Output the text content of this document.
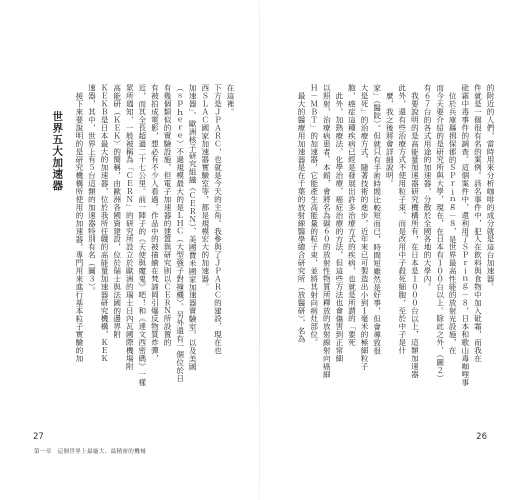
在這裡。
下方是ＪＰＡＲＣ，也就是今天的主角。我參與了ＪＰＡＲＣ的建設，現在也
西ＳＬＡＣ國家加速器實驗室等，都是規模宏大的加速器。
加速器」、歐洲核子研究組織（ＣＥＲＮ）、美國費米國家加速器實驗室，以及美國
（ｓｐｈｅｒｅ）不過規模最大的是ＬＨＣ（大型強子對撞機）。另外還有一個位於日
有幾個類似的實驗設施，但電子加速器的建置與研究則以ＣＥＲＮ所設置的
有被拍成電影，想必有不少人看過。作品中的被描繪在梵諦岡引爆反物質炸彈，
近，而其全長超過二十七公里。前一陣子的《天使與魔鬼》吧！和《達文西密碼》一樣
眾所週知，一般被稱為「ＣＥＲＮ」的研究所設立於歐洲的瑞士日內瓦國際機場附
高能研（ＫＥＫ）的簡稱，由歐洲各國資建設，位於瑞士與法國的邊界附
ＫＥＫＢ是日本最大的加速器，位於我所任職的高能量加速器研究機構，ＫＥＫ
速器，其中，世界上有５台這類的加速器特別有名（圖３）。
接下來要說明的是研究機構所使用的加速器，專門用來進行基本粒子實驗的加
世界五大加速器
27
第一章　這個世界上最龐大、最精密的機械
的附近的人們，當時用來分析咖啡的成分就是這台加速器。
件就是一個很有名的案例。該名事件中，犯人在飲料與食物中加入砒霜，而我在
砒霜中毒事件的調查。這個案件中，還利用了ＳＰｒｉｎｇ－８，日本和歌山毒咖哩事
位於兵庫縣揖保郡的ＳＰｒｉｎｇ－８，是世界最高性能的放射光設施，在
而今天要介紹的是研究所與大學，現在，在日本有１００台以上。除此之外，（圖２）
有６７台的各式用途的加速器，分散於全國各地的大學內。
我要說明的是高能量加速器研究機構所有，在日本是１０００台以上，這類加速器
此外，還有些治療方式不使用粒子束，而是改用中子殺死細胞，至於中子是什
麼，我之後將會詳細說明。
家」（醫院）。但就只有手術時間比較短而已，時間短雖然是好事，但會導致很
大是死」的治療方式，隨著技術的進步，近年來已可製造出小到１毫米的極細粒子
胞，癌症這種疾病已經是發展出許多治療方式的疾病，也就是所謂的「要死
此外，加熱療法、化學治療、癌症治療的方法，但這些方法也會傷害到正常細
以照射，治療病患者。本館，會將名為碳６０的放射性物質所釋放的放射線射向癌細
Ｈ－ＭＢＴ」的加速器，它能產生高能量的粒子束，並將其射向病灶部位。
最大的醫療用加速器是在千葉的放射線醫學總合研究所（放醫研），名為
26
